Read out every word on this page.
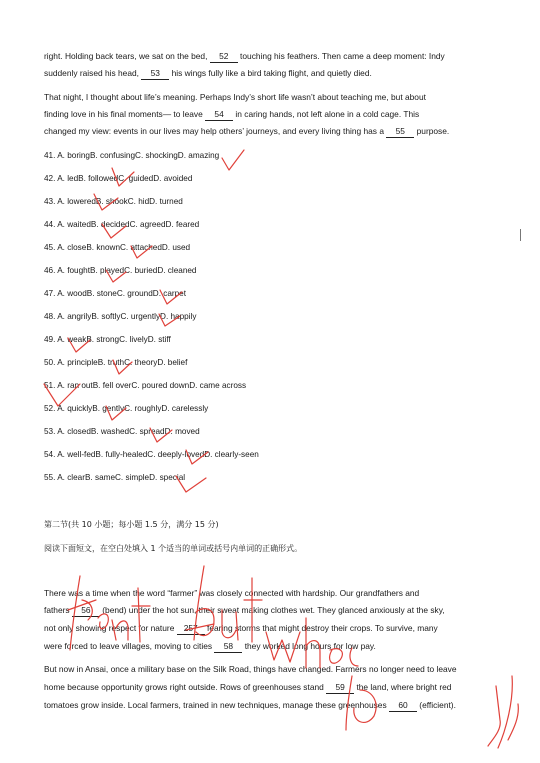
right. Holding back tears, we sat on the bed, 52 touching his feathers. Then came a deep moment: Indy
suddenly raised his head, 53 his wings fully like a bird taking flight, and quietly died.
That night, I thought about life’s meaning. Perhaps Indy’s short life wasn’t about teaching me, but about
finding love in his final moments— to leave 54 in caring hands, not left alone in a cold cage. This
changed my view: events in our lives may help others’ journeys, and every living thing has a 55 purpose.
41. A. boringB. confusingC. shockingD. amazing
42. A. ledB. followedC. guidedD. avoided
43. A. loweredB. shookC. hidD. turned
44. A. waitedB. decidedC. agreedD. feared
45. A. closeB. knownC. attachedD. used
46. A. foughtB. playedC. buriedD. cleaned
47. A. woodB. stoneC. groundD. carpet
48. A. angrilyB. softlyC. urgentlyD. happily
49. A. weakB. strongC. livelyD. stiff
50. A. principleB. truthC. theoryD. belief
51. A. ran outB. fell overC. poured downD. came across
52. A. quicklyB. gentlyC. roughlyD. carelessly
53. A. closedB. washedC. spreadD. moved
54. A. well-fedB. fully-healedC. deeply-lovedD. clearly-seen
55. A. clearB. sameC. simpleD. special
第二节(共 10 小题；每小题 1.5 分，满分 15 分)
阅读下面短文，在空白处填入 1 个适当的单词或括号内单词的正确形式。
There was a time when the word “farmer” was closely connected with hardship. Our grandfathers and
fathers 56 (bend) under the hot sun, their sweat making clothes wet. They glanced anxiously at the sky,
not only showing respect for nature 257 fearing storms that might destroy their crops. To survive, many
were forced to leave villages, moving to cities 58 they worked long hours for low pay.
But now in Ansai, once a military base on the Silk Road, things have changed. Farmers no longer need to leave
home because opportunity grows right outside. Rows of greenhouses stand 59 the land, where bright red
tomatoes grow inside. Local farmers, trained in new techniques, manage these greenhouses 60 (efficient).
